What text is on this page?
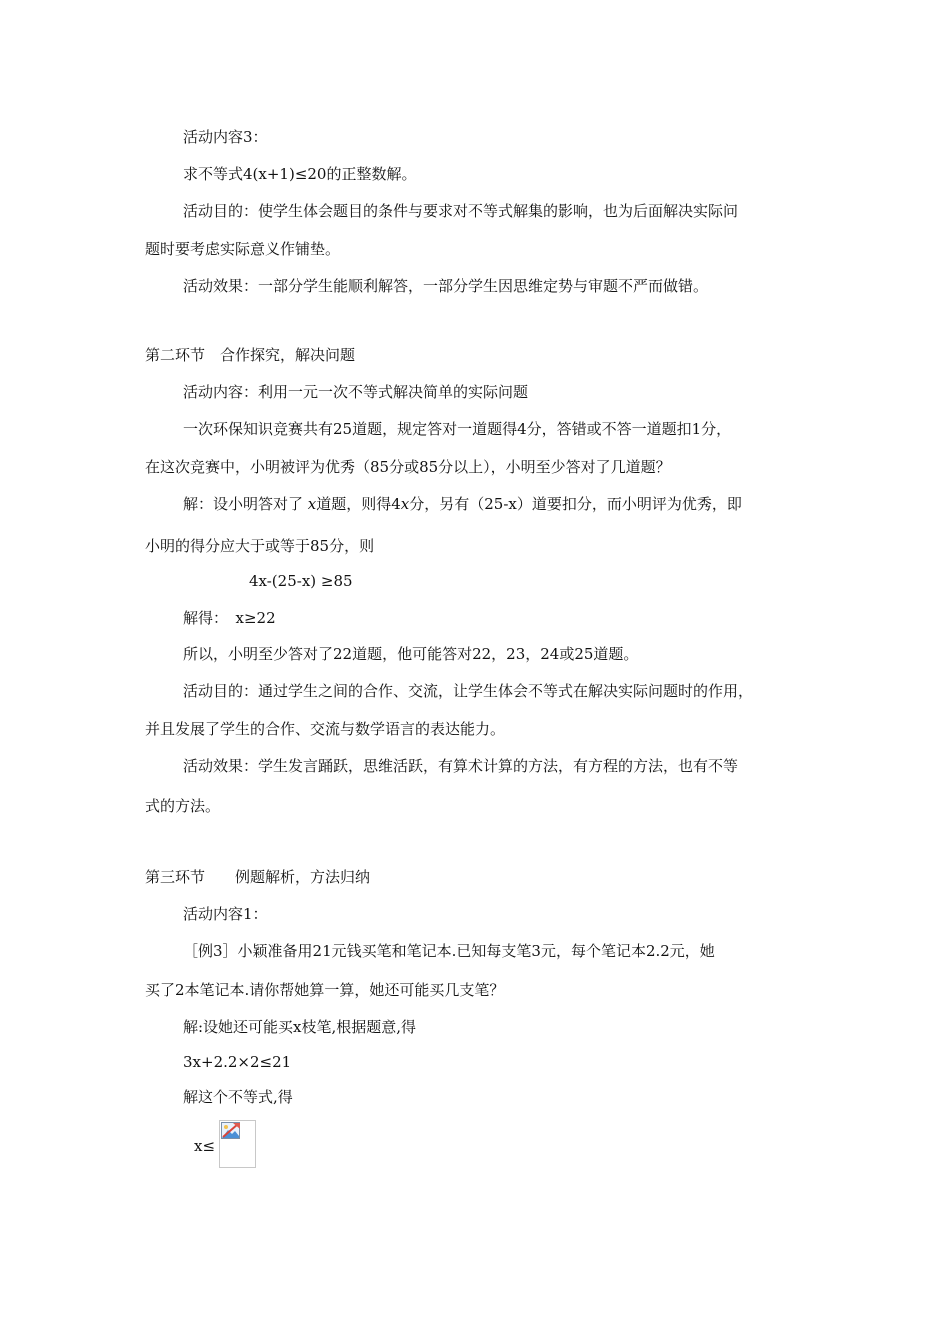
活动内容3：
求不等式4(x+1)≤20的正整数解。
活动目的：使学生体会题目的条件与要求对不等式解集的影响，也为后面解决实际问
题时要考虑实际意义作铺垫。
活动效果：一部分学生能顺利解答，一部分学生因思维定势与审题不严而做错。
第二环节　合作探究，解决问题
活动内容：利用一元一次不等式解决简单的实际问题
一次环保知识竞赛共有25道题，规定答对一道题得4分，答错或不答一道题扣1分，
在这次竞赛中，小明被评为优秀（85分或85分以上），小明至少答对了几道题？
解：设小明答对了 x道题，则得4x分，另有（25-x）道要扣分，而小明评为优秀，即
小明的得分应大于或等于85分，则
4x-(25-x) ≥85
解得：　x≥22
所以，小明至少答对了22道题，他可能答对22，23，24或25道题。
活动目的：通过学生之间的合作、交流，让学生体会不等式在解决实际问题时的作用，
并且发展了学生的合作、交流与数学语言的表达能力。
活动效果：学生发言踊跃，思维活跃，有算术计算的方法，有方程的方法，也有不等
式的方法。
第三环节　　例题解析，方法归纳
活动内容1：
［例3］小颖准备用21元钱买笔和笔记本.已知每支笔3元，每个笔记本2.2元，她
买了2本笔记本.请你帮她算一算，她还可能买几支笔？
解:设她还可能买x枝笔,根据题意,得
3x+2.2×2≤21
解这个不等式,得
x≤
